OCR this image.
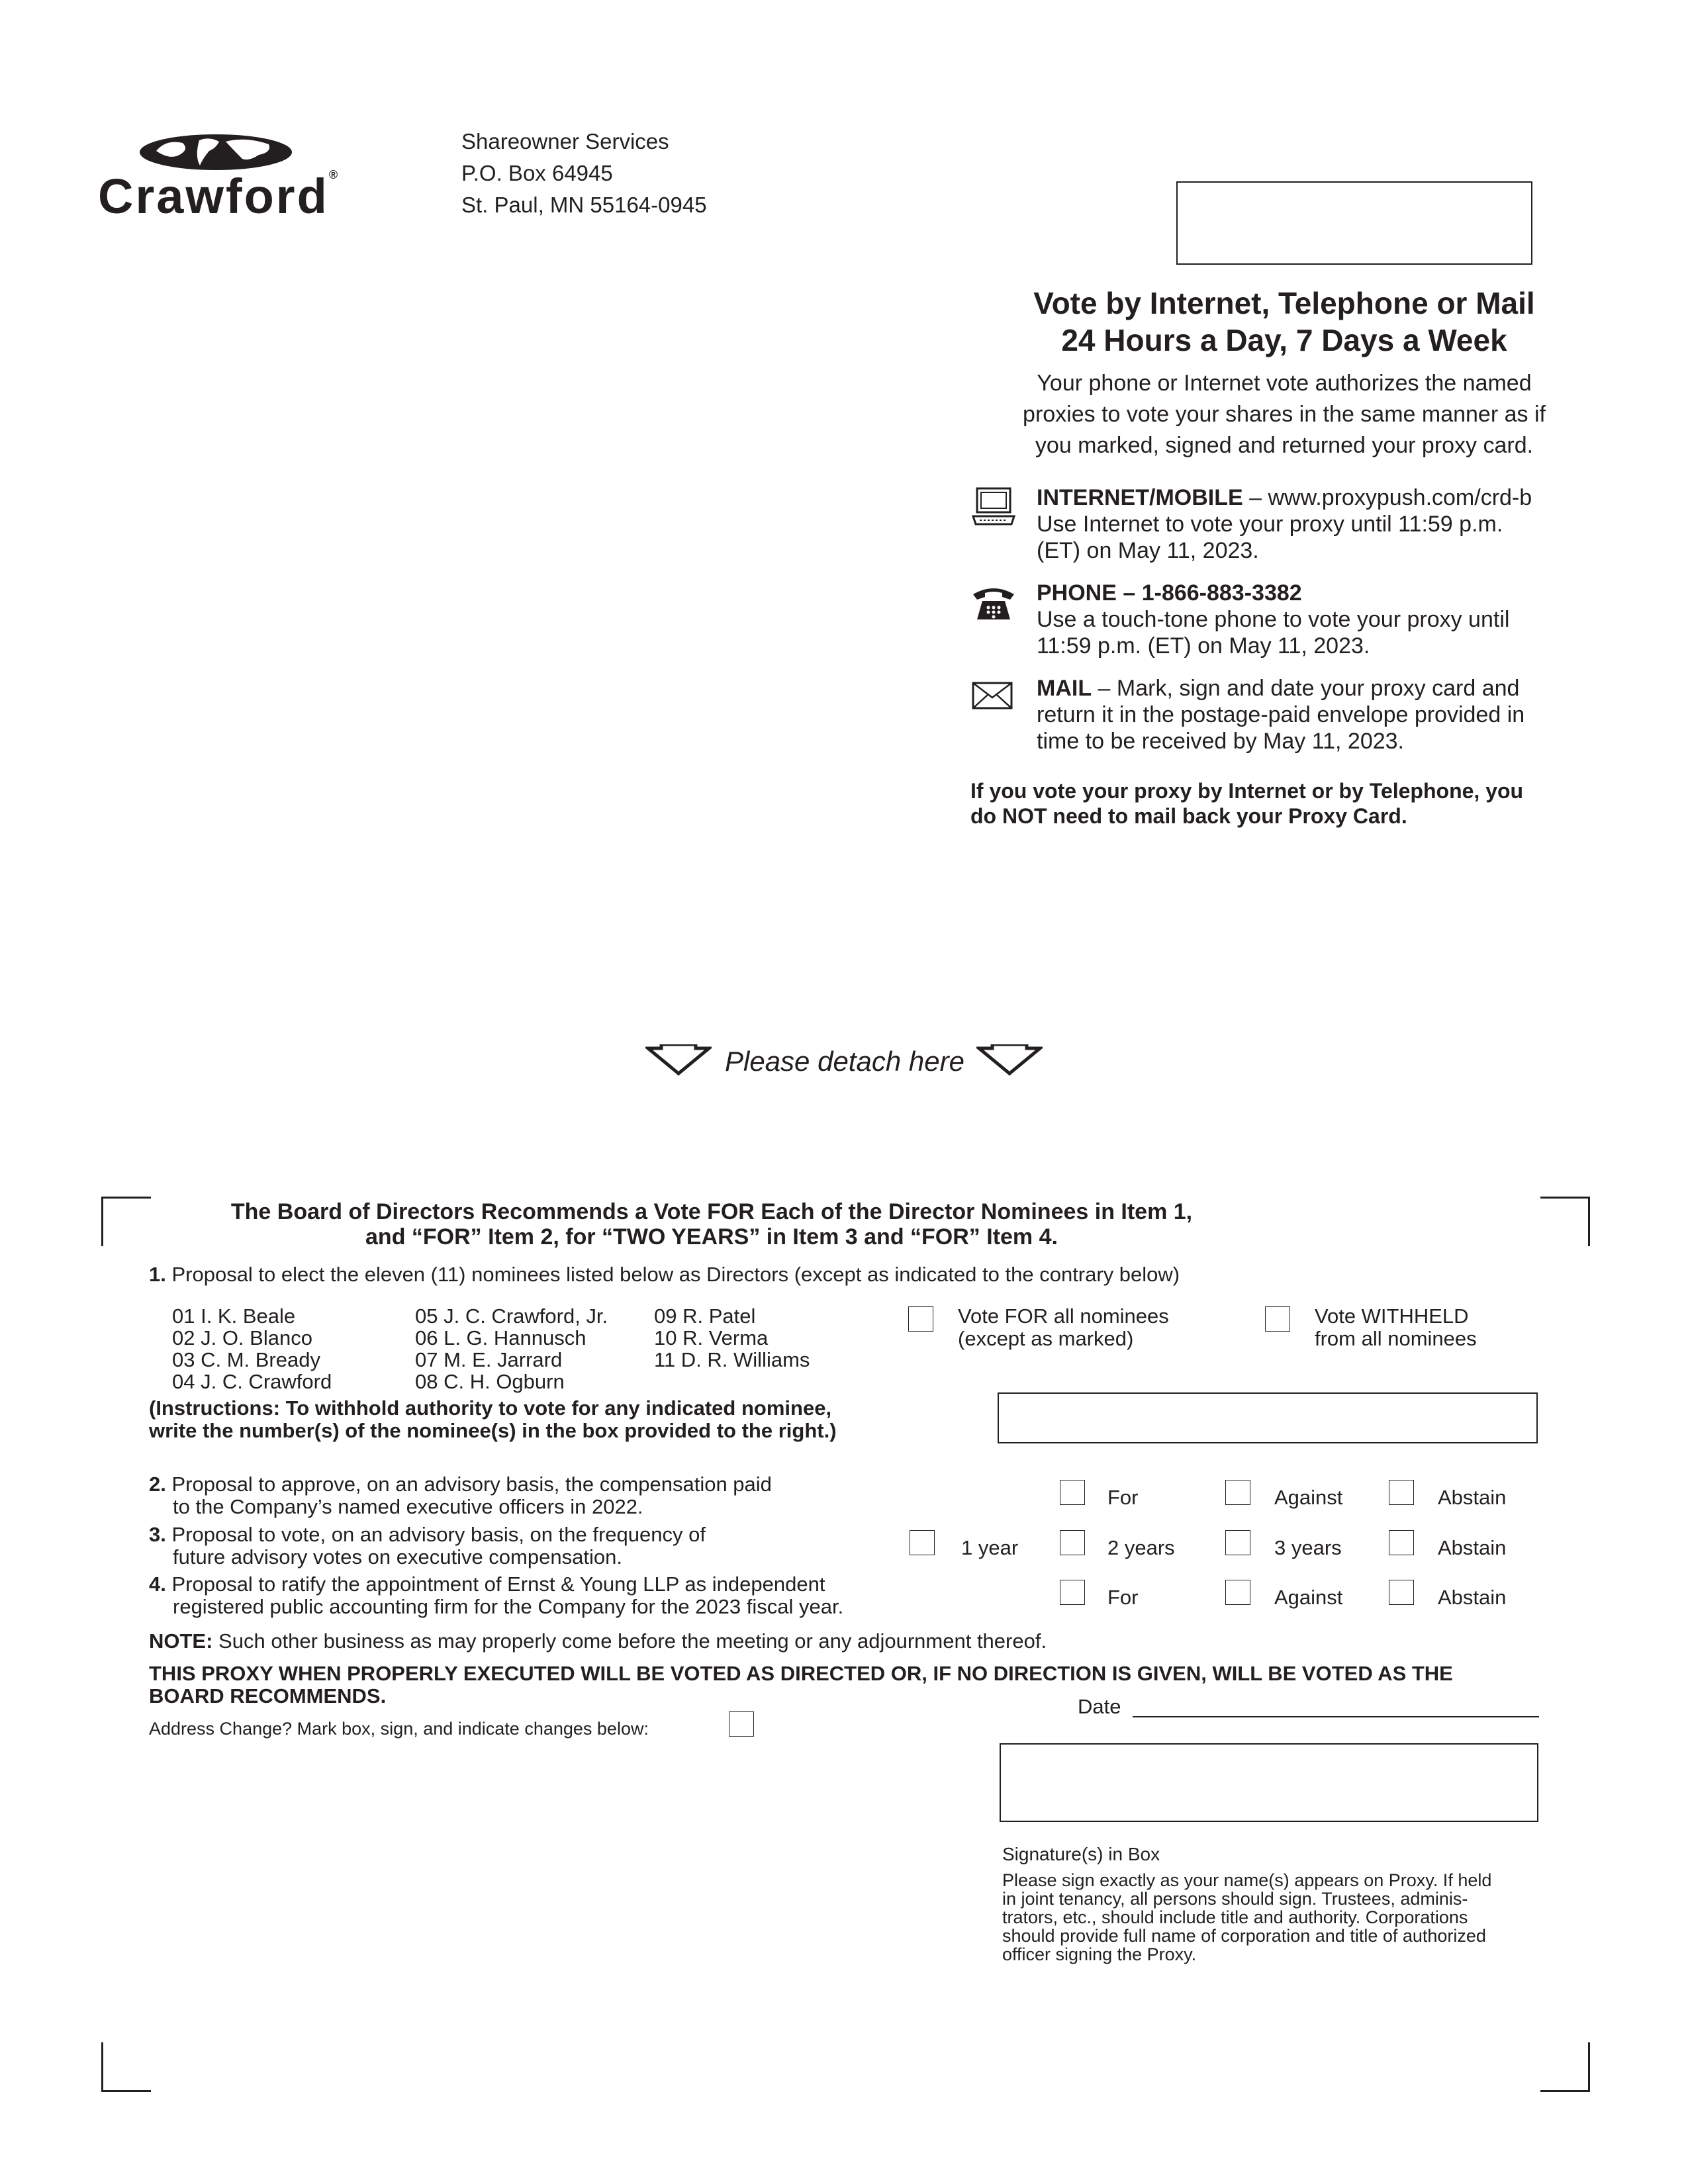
Crawford®
Shareowner Services
P.O. Box 64945
St. Paul, MN 55164-0945
Vote by Internet, Telephone or Mail
24 Hours a Day, 7 Days a Week
Your phone or Internet vote authorizes the named
proxies to vote your shares in the same manner as if
you marked, signed and returned your proxy card.
INTERNET/MOBILE – www.proxypush.com/crd-b
Use Internet to vote your proxy until 11:59 p.m.
(ET) on May 11, 2023.
PHONE – 1-866-883-3382
Use a touch-tone phone to vote your proxy until
11:59 p.m. (ET) on May 11, 2023.
MAIL – Mark, sign and date your proxy card and
return it in the postage-paid envelope provided in
time to be received by May 11, 2023.
If you vote your proxy by Internet or by Telephone, you
do NOT need to mail back your Proxy Card.
Please detach here
The Board of Directors Recommends a Vote FOR Each of the Director Nominees in Item 1,
and “FOR” Item 2, for “TWO YEARS” in Item 3 and “FOR” Item 4.
1. Proposal to elect the eleven (11) nominees listed below as Directors (except as indicated to the contrary below)
01 I. K. Beale
02 J. O. Blanco
03 C. M. Bready
04 J. C. Crawford
05 J. C. Crawford, Jr.
06 L. G. Hannusch
07 M. E. Jarrard
08 C. H. Ogburn
09 R. Patel
10 R. Verma
11 D. R. Williams
Vote FOR all nominees
(except as marked)
Vote WITHHELD
from all nominees
(Instructions: To withhold authority to vote for any indicated nominee,
write the number(s) of the nominee(s) in the box provided to the right.)
2. Proposal to approve, on an advisory basis, the compensation paid
to the Company’s named executive officers in 2022.	For	Against	Abstain
3. Proposal to vote, on an advisory basis, on the frequency of
future advisory votes on executive compensation.	1 year	2 years	3 years	Abstain
4. Proposal to ratify the appointment of Ernst & Young LLP as independent
registered public accounting firm for the Company for the 2023 fiscal year.	For	Against	Abstain
NOTE: Such other business as may properly come before the meeting or any adjournment thereof.
THIS PROXY WHEN PROPERLY EXECUTED WILL BE VOTED AS DIRECTED OR, IF NO DIRECTION IS GIVEN, WILL BE VOTED AS THE
BOARD RECOMMENDS.	Date
Address Change? Mark box, sign, and indicate changes below:
Signature(s) in Box
Please sign exactly as your name(s) appears on Proxy. If held
in joint tenancy, all persons should sign. Trustees, adminis-
trators, etc., should include title and authority. Corporations
should provide full name of corporation and title of authorized
officer signing the Proxy.
